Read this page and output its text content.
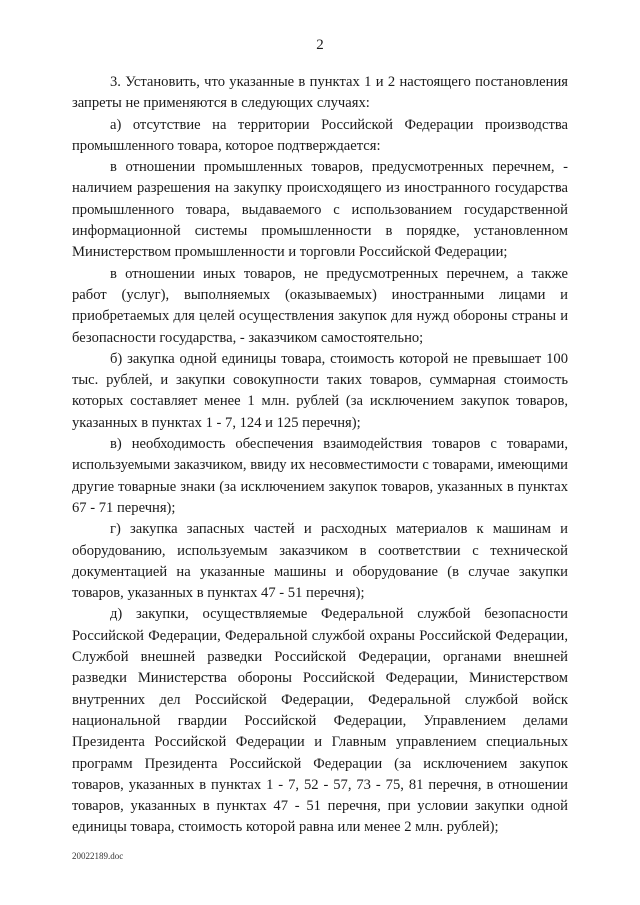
2

3. Установить, что указанные в пунктах 1 и 2 настоящего постановления запреты не применяются в следующих случаях:

а) отсутствие на территории Российской Федерации производства промышленного товара, которое подтверждается:

в отношении промышленных товаров, предусмотренных перечнем, - наличием разрешения на закупку происходящего из иностранного государства промышленного товара, выдаваемого с использованием государственной информационной системы промышленности в порядке, установленном Министерством промышленности и торговли Российской Федерации;

в отношении иных товаров, не предусмотренных перечнем, а также работ (услуг), выполняемых (оказываемых) иностранными лицами и приобретаемых для целей осуществления закупок для нужд обороны страны и безопасности государства, - заказчиком самостоятельно;

б) закупка одной единицы товара, стоимость которой не превышает 100 тыс. рублей, и закупки совокупности таких товаров, суммарная стоимость которых составляет менее 1 млн. рублей (за исключением закупок товаров, указанных в пунктах 1 - 7, 124 и 125 перечня);

в) необходимость обеспечения взаимодействия товаров с товарами, используемыми заказчиком, ввиду их несовместимости с товарами, имеющими другие товарные знаки (за исключением закупок товаров, указанных в пунктах 67 - 71 перечня);

г) закупка запасных частей и расходных материалов к машинам и оборудованию, используемым заказчиком в соответствии с технической документацией на указанные машины и оборудование (в случае закупки товаров, указанных в пунктах 47 - 51 перечня);

д) закупки, осуществляемые Федеральной службой безопасности Российской Федерации, Федеральной службой охраны Российской Федерации, Службой внешней разведки Российской Федерации, органами внешней разведки Министерства обороны Российской Федерации, Министерством внутренних дел Российской Федерации, Федеральной службой войск национальной гвардии Российской Федерации, Управлением делами Президента Российской Федерации и Главным управлением специальных программ Президента Российской Федерации (за исключением закупок товаров, указанных в пунктах 1 - 7, 52 - 57, 73 - 75, 81 перечня, в отношении товаров, указанных в пунктах 47 - 51 перечня, при условии закупки одной единицы товара, стоимость которой равна или менее 2 млн. рублей);

20022189.doc
